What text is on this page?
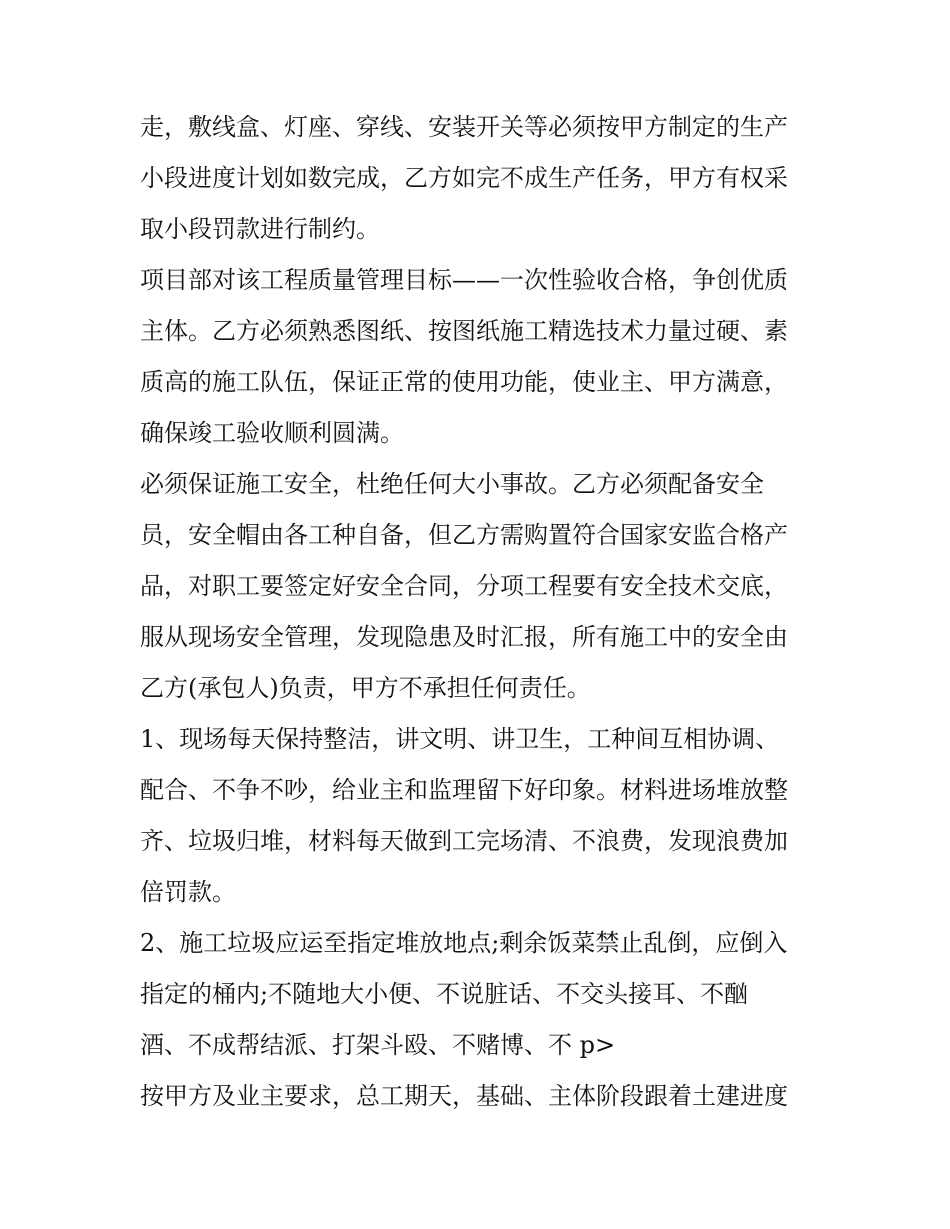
走，敷线盒、灯座、穿线、安装开关等必须按甲方制定的生产

小段进度计划如数完成，乙方如完不成生产任务，甲方有权采

取小段罚款进行制约。

项目部对该工程质量管理目标——一次性验收合格，争创优质

主体。乙方必须熟悉图纸、按图纸施工精选技术力量过硬、素

质高的施工队伍，保证正常的使用功能，使业主、甲方满意，

确保竣工验收顺利圆满。

必须保证施工安全，杜绝任何大小事故。乙方必须配备安全

员，安全帽由各工种自备，但乙方需购置符合国家安监合格产

品，对职工要签定好安全合同，分项工程要有安全技术交底，

服从现场安全管理，发现隐患及时汇报，所有施工中的安全由

乙方(承包人)负责，甲方不承担任何责任。

1、现场每天保持整洁，讲文明、讲卫生，工种间互相协调、

配合、不争不吵，给业主和监理留下好印象。材料进场堆放整

齐、垃圾归堆，材料每天做到工完场清、不浪费，发现浪费加

倍罚款。

2、施工垃圾应运至指定堆放地点;剩余饭菜禁止乱倒，应倒入

指定的桶内;不随地大小便、不说脏话、不交头接耳、不酗

酒、不成帮结派、打架斗殴、不赌博、不 p>

按甲方及业主要求，总工期天，基础、主体阶段跟着土建进度
